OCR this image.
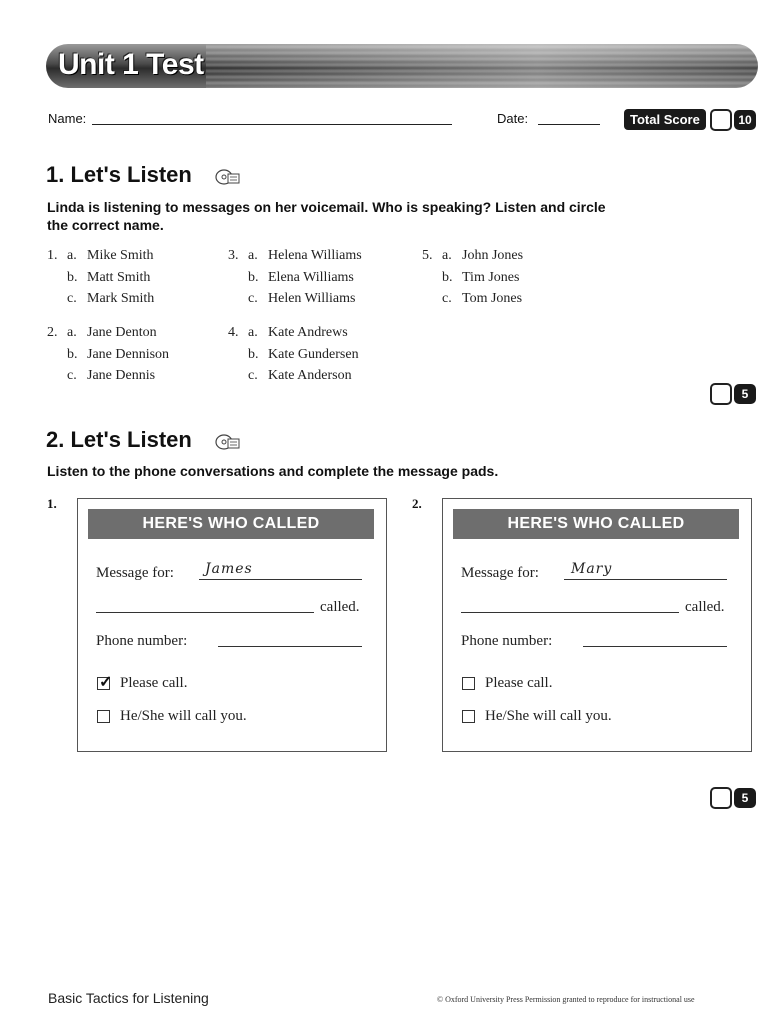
Unit 1 Test
Name:	Date:	Total Score	10
1. Let's Listen
Linda is listening to messages on her voicemail. Who is speaking? Listen and circle the correct name.
1. a. Mike Smith
b. Matt Smith
c. Mark Smith
2. a. Jane Denton
b. Jane Dennison
c. Jane Dennis
3. a. Helena Williams
b. Elena Williams
c. Helen Williams
4. a. Kate Andrews
b. Kate Gundersen
c. Kate Anderson
5. a. John Jones
b. Tim Jones
c. Tom Jones
5
2. Let's Listen
Listen to the phone conversations and complete the message pads.
1.
HERE'S WHO CALLED
Message for: James
called.
Phone number:
✓ Please call.
He/She will call you.
2.
HERE'S WHO CALLED
Message for: Mary
called.
Phone number:
Please call.
He/She will call you.
5
Basic Tactics for Listening	© Oxford University Press Permission granted to reproduce for instructional use
